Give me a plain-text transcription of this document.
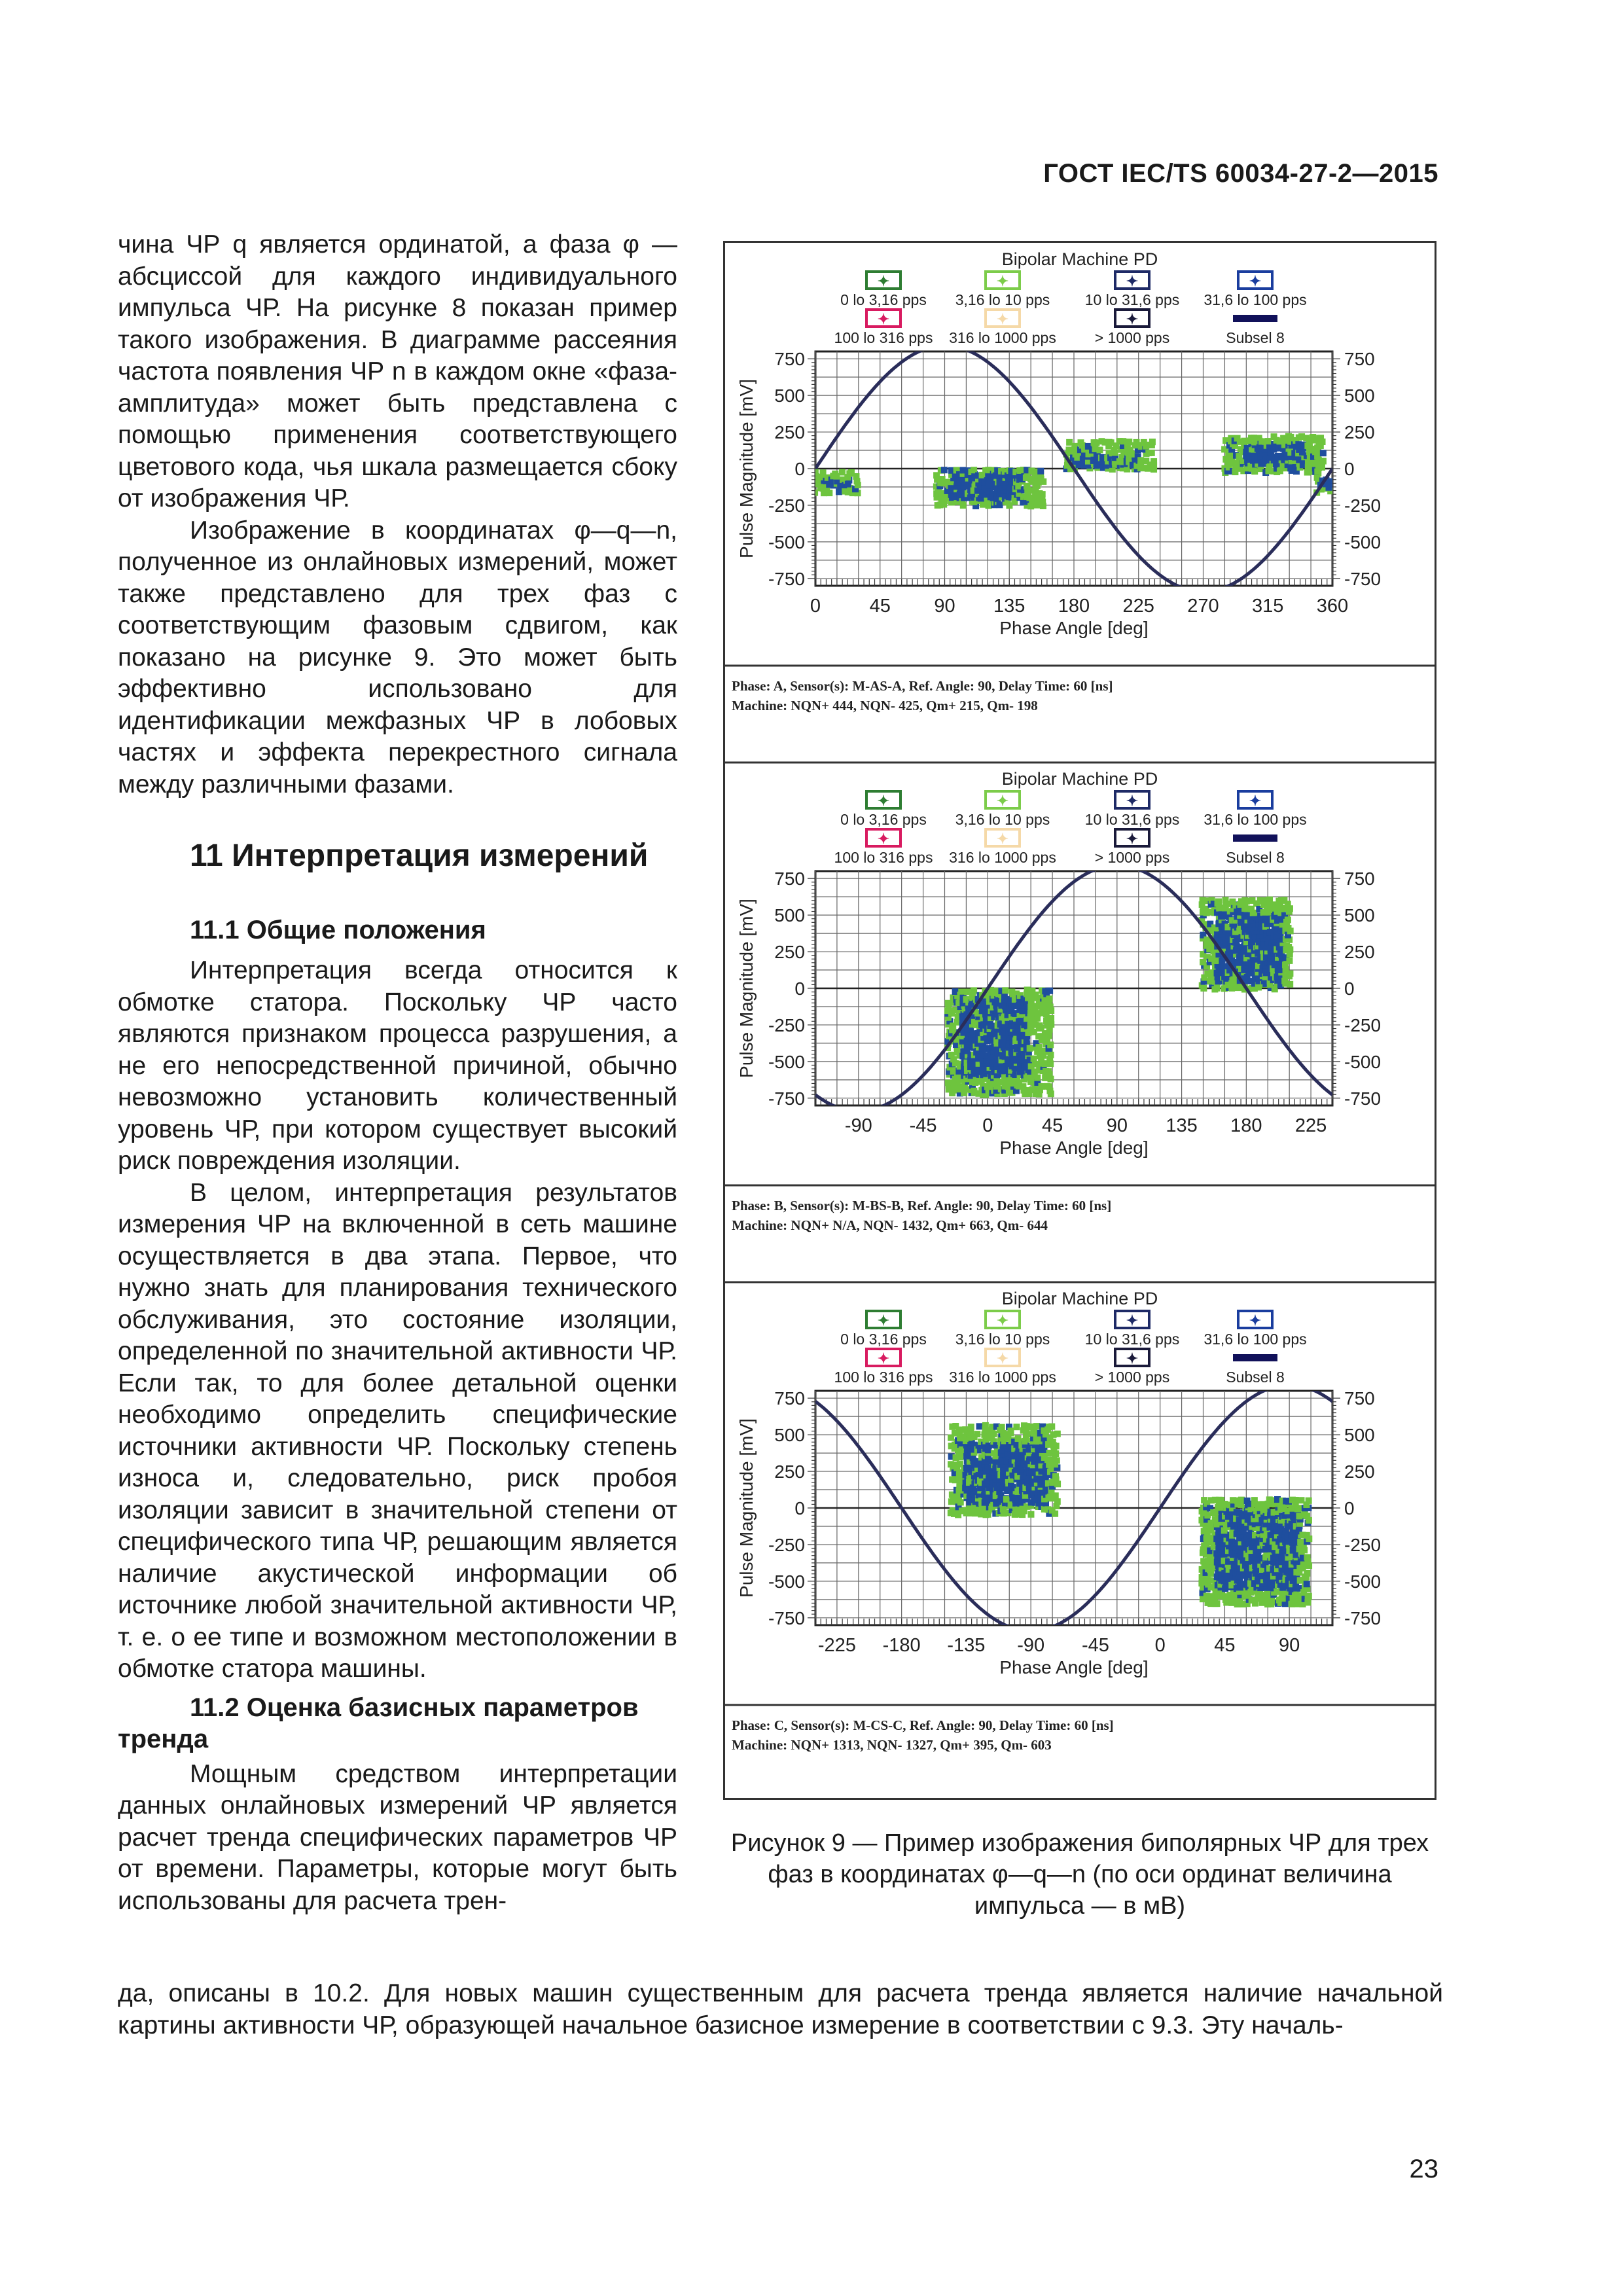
ГОСТ IEC/TS 60034-27-2—2015

чина ЧР q является ординатой, а фаза φ — абсциссой для каждого индивидуального импульса ЧР. На рисунке 8 показан пример такого изображения. В диаграмме рассеяния частота появления ЧР n в каждом окне «фаза-амплитуда» может быть представлена с помощью применения соответствующего цветового кода, чья шкала размещается сбоку от изображения ЧР.

Изображение в координатах φ—q—n, полученное из онлайновых измерений, может также представлено для трех фаз с соответствующим фазовым сдвигом, как показано на рисунке 9. Это может быть эффективно использовано для идентификации межфазных ЧР в лобовых частях и эффекта перекрестного сигнала между различными фазами.

11 Интерпретация измерений
11.1 Общие положения

Интерпретация всегда относится к обмотке статора. Поскольку ЧР часто являются признаком процесса разрушения, а не его непосредственной причиной, обычно невозможно установить количественный уровень ЧР, при котором существует высокий риск повреждения изоляции.

В целом, интерпретация результатов измерения ЧР на включенной в сеть машине осуществляется в два этапа. Первое, что нужно знать для планирования технического обслуживания, это состояние изоляции, определенной по значительной активности ЧР. Если так, то для более детальной оценки необходимо определить специфические источники активности ЧР. Поскольку степень износа и, следовательно, риск пробоя изоляции зависит в значительной степени от специфического типа ЧР, решающим является наличие акустической информации об источнике любой значительной активности ЧР, т. е. о ее типе и возможном местоположении в обмотке статора машины.

11.2 Оценка базисных параметров тренда

Мощным средством интерпретации данных онлайновых измерений ЧР является расчет тренда специфических параметров ЧР от времени. Параметры, которые могут быть использованы для расчета трен-

Bipolar Machine PD
✦
0 lo 3,16 pps
✦
3,16 lo 10 pps
✦
10 lo 31,6 pps
✦
31,6 lo 100 pps
✦
100 lo 316 pps
✦
316 lo 1000 pps
✦
> 1000 pps	Subsel 8
750	750
500	500
250	250
0	0
-250	-250
-500	-500
-750	-750
0	45 90 135 180 225 270 315 360
Phase Angle [deg]
Pulse Magnitude [mV]
Phase: A, Sensor(s): M-AS-A, Ref. Angle: 90, Delay Time: 60 [ns]
Machine: NQN+ 444, NQN- 425, Qm+ 215, Qm- 198
Bipolar Machine PD
✦
0 lo 3,16 pps
✦
3,16 lo 10 pps
✦
10 lo 31,6 pps
✦
31,6 lo 100 pps
✦
100 lo 316 pps
✦
316 lo 1000 pps
✦
> 1000 pps	Subsel 8
750	750
500	500
250	250
0	0
-250	-250
-500	-500
-750	-750
-90 -45 0	45 90 135 180 225
Phase Angle [deg]
Pulse Magnitude [mV]
Phase: B, Sensor(s): M-BS-B, Ref. Angle: 90, Delay Time: 60 [ns]
Machine: NQN+ N/A, NQN- 1432, Qm+ 663, Qm- 644
Bipolar Machine PD
✦
0 lo 3,16 pps
✦
3,16 lo 10 pps
✦
10 lo 31,6 pps
✦
31,6 lo 100 pps
✦
100 lo 316 pps
✦
316 lo 1000 pps
✦
> 1000 pps	Subsel 8
750	750
500	500
250	250
0	0
-250	-250
-500	-500
-750	-750
-225 -180 -135 -90 -45 0	45 90
Phase Angle [deg]
Pulse Magnitude [mV]
Phase: C, Sensor(s): M-CS-C, Ref. Angle: 90, Delay Time: 60 [ns]
Machine: NQN+ 1313, NQN- 1327, Qm+ 395, Qm- 603

Рисунок 9 — Пример изображения биполярных ЧР для трех

фаз в координатах φ—q—n (по оси ординат величина

импульса — в мВ)

да, описаны в 10.2. Для новых машин существенным для расчета тренда является наличие начальной картины активности ЧР, образующей начальное базисное измерение в соответствии с 9.3. Эту началь-

23
